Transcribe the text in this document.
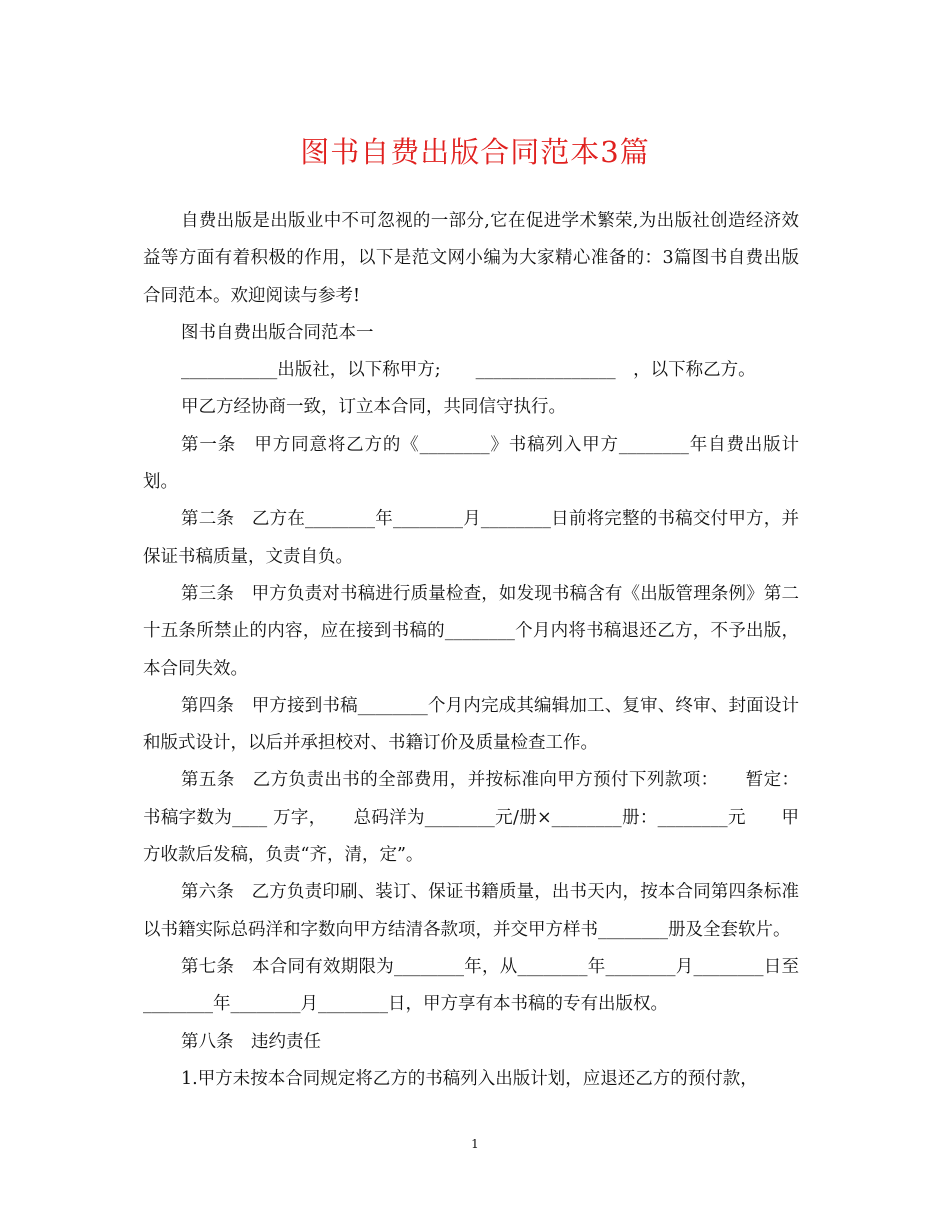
图书自费出版合同范本3篇

自费出版是出版业中不可忽视的一部分,它在促进学术繁荣,为出版社创造经济效益等方面有着积极的作用，以下是范文网小编为大家精心准备的：3篇图书自费出版合同范本。欢迎阅读与参考!

图书自费出版合同范本一

___________出版社，以下称甲方;　　________________　，以下称乙方。

甲乙方经协商一致，订立本合同，共同信守执行。

第一条　甲方同意将乙方的《________》书稿列入甲方________年自费出版计划。

第二条　乙方在________年________月________日前将完整的书稿交付甲方，并保证书稿质量，文责自负。

第三条　甲方负责对书稿进行质量检查，如发现书稿含有《出版管理条例》第二十五条所禁止的内容，应在接到书稿的________个月内将书稿退还乙方，不予出版，本合同失效。

第四条　甲方接到书稿________个月内完成其编辑加工、复审、终审、封面设计和版式设计，以后并承担校对、书籍订价及质量检查工作。

第五条　乙方负责出书的全部费用，并按标准向甲方预付下列款项：　　暂定：书稿字数为____ 万字，　　总码洋为________元/册×________册：________元　　甲方收款后发稿，负责“齐，清，定”。

第六条　乙方负责印刷、装订、保证书籍质量，出书天内，按本合同第四条标准以书籍实际总码洋和字数向甲方结清各款项，并交甲方样书________册及全套软片。

第七条　本合同有效期限为________年，从________年________月________日至________年________月________日，甲方享有本书稿的专有出版权。

第八条　违约责任

1.甲方未按本合同规定将乙方的书稿列入出版计划，应退还乙方的预付款，

1
